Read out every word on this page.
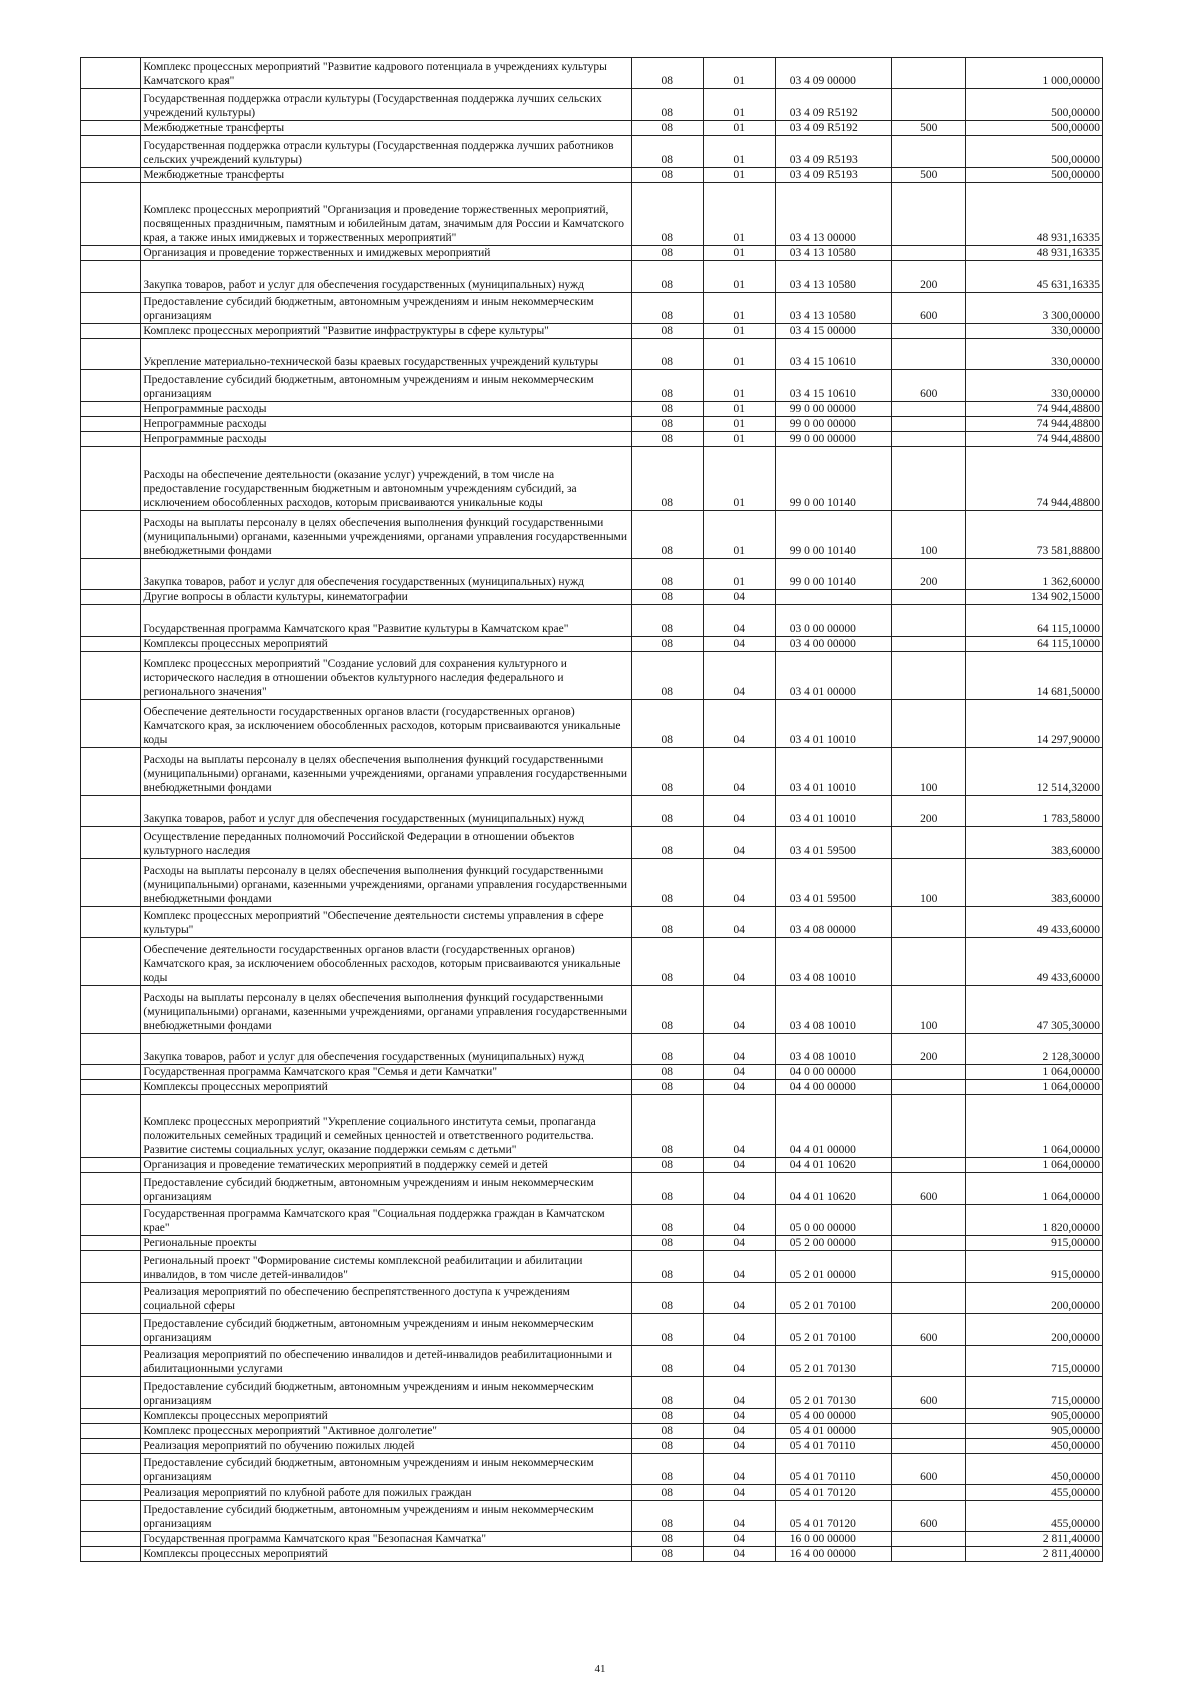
	Комплекс процессных мероприятий "Развитие кадрового потенциала в учреждениях культуры Камчатского края"	08	01	03 4 09 00000		1 000,00000
	Государственная поддержка отрасли культуры (Государственная поддержка лучших сельских учреждений культуры)	08	01	03 4 09 R5192		500,00000
	Межбюджетные трансферты	08	01	03 4 09 R5192	500	500,00000
	Государственная поддержка отрасли культуры (Государственная поддержка лучших работников сельских учреждений культуры)	08	01	03 4 09 R5193		500,00000
	Межбюджетные трансферты	08	01	03 4 09 R5193	500	500,00000
	Комплекс процессных мероприятий "Организация и проведение торжественных мероприятий, посвященных праздничным, памятным и юбилейным датам, значимым для России и Камчатского края, а также иных имиджевых и торжественных мероприятий"	08	01	03 4 13 00000		48 931,16335
	Организация и проведение торжественных и имиджевых мероприятий	08	01	03 4 13 10580		48 931,16335
	Закупка товаров, работ и услуг для обеспечения государственных (муниципальных) нужд	08	01	03 4 13 10580	200	45 631,16335
	Предоставление субсидий бюджетным, автономным учреждениям и иным некоммерческим организациям	08	01	03 4 13 10580	600	3 300,00000
	Комплекс процессных мероприятий "Развитие инфраструктуры в сфере культуры"	08	01	03 4 15 00000		330,00000
	Укрепление материально-технической базы краевых государственных учреждений культуры	08	01	03 4 15 10610		330,00000
	Предоставление субсидий бюджетным, автономным учреждениям и иным некоммерческим организациям	08	01	03 4 15 10610	600	330,00000
	Непрограммные расходы	08	01	99 0 00 00000		74 944,48800
	Непрограммные расходы	08	01	99 0 00 00000		74 944,48800
	Непрограммные расходы	08	01	99 0 00 00000		74 944,48800
	Расходы на обеспечение деятельности (оказание услуг) учреждений, в том числе на предоставление государственным бюджетным и автономным учреждениям субсидий, за исключением обособленных расходов, которым присваиваются уникальные коды	08	01	99 0 00 10140		74 944,48800
	Расходы на выплаты персоналу в целях обеспечения выполнения функций государственными (муниципальными) органами, казенными учреждениями, органами управления государственными внебюджетными фондами	08	01	99 0 00 10140	100	73 581,88800
	Закупка товаров, работ и услуг для обеспечения государственных (муниципальных) нужд	08	01	99 0 00 10140	200	1 362,60000
	Другие вопросы в области культуры, кинематографии	08	04			134 902,15000
	Государственная программа Камчатского края "Развитие культуры в Камчатском крае"	08	04	03 0 00 00000		64 115,10000
	Комплексы процессных мероприятий	08	04	03 4 00 00000		64 115,10000
	Комплекс процессных мероприятий "Создание условий для сохранения культурного и исторического наследия в отношении объектов культурного наследия федерального и регионального значения"	08	04	03 4 01 00000		14 681,50000
	Обеспечение деятельности государственных органов власти (государственных органов) Камчатского края, за исключением обособленных расходов, которым присваиваются уникальные коды	08	04	03 4 01 10010		14 297,90000
	Расходы на выплаты персоналу в целях обеспечения выполнения функций государственными (муниципальными) органами, казенными учреждениями, органами управления государственными внебюджетными фондами	08	04	03 4 01 10010	100	12 514,32000
	Закупка товаров, работ и услуг для обеспечения государственных (муниципальных) нужд	08	04	03 4 01 10010	200	1 783,58000
	Осуществление переданных полномочий Российской Федерации в отношении объектов культурного наследия	08	04	03 4 01 59500		383,60000
	Расходы на выплаты персоналу в целях обеспечения выполнения функций государственными (муниципальными) органами, казенными учреждениями, органами управления государственными внебюджетными фондами	08	04	03 4 01 59500	100	383,60000
	Комплекс процессных мероприятий "Обеспечение деятельности системы управления в сфере культуры"	08	04	03 4 08 00000		49 433,60000
	Обеспечение деятельности государственных органов власти (государственных органов) Камчатского края, за исключением обособленных расходов, которым присваиваются уникальные коды	08	04	03 4 08 10010		49 433,60000
	Расходы на выплаты персоналу в целях обеспечения выполнения функций государственными (муниципальными) органами, казенными учреждениями, органами управления государственными внебюджетными фондами	08	04	03 4 08 10010	100	47 305,30000
	Закупка товаров, работ и услуг для обеспечения государственных (муниципальных) нужд	08	04	03 4 08 10010	200	2 128,30000
	Государственная программа Камчатского края "Семья и дети Камчатки"	08	04	04 0 00 00000		1 064,00000
	Комплексы процессных мероприятий	08	04	04 4 00 00000		1 064,00000
	Комплекс процессных мероприятий "Укрепление социального института семьи, пропаганда положительных семейных традиций и семейных ценностей и ответственного родительства. Развитие системы социальных услуг, оказание поддержки семьям с детьми"	08	04	04 4 01 00000		1 064,00000
	Организация и проведение тематических мероприятий в поддержку семей и детей	08	04	04 4 01 10620		1 064,00000
	Предоставление субсидий бюджетным, автономным учреждениям и иным некоммерческим организациям	08	04	04 4 01 10620	600	1 064,00000
	Государственная программа Камчатского края "Социальная поддержка граждан в Камчатском крае"	08	04	05 0 00 00000		1 820,00000
	Региональные проекты	08	04	05 2 00 00000		915,00000
	Региональный проект "Формирование системы комплексной реабилитации и абилитации инвалидов, в том числе детей-инвалидов"	08	04	05 2 01 00000		915,00000
	Реализация мероприятий по обеспечению беспрепятственного доступа к учреждениям социальной сферы	08	04	05 2 01 70100		200,00000
	Предоставление субсидий бюджетным, автономным учреждениям и иным некоммерческим организациям	08	04	05 2 01 70100	600	200,00000
	Реализация мероприятий по обеспечению инвалидов и детей-инвалидов реабилитационными и абилитационными услугами	08	04	05 2 01 70130		715,00000
	Предоставление субсидий бюджетным, автономным учреждениям и иным некоммерческим организациям	08	04	05 2 01 70130	600	715,00000
	Комплексы процессных мероприятий	08	04	05 4 00 00000		905,00000
	Комплекс процессных мероприятий "Активное долголетие"	08	04	05 4 01 00000		905,00000
	Реализация мероприятий по обучению пожилых людей	08	04	05 4 01 70110		450,00000
	Предоставление субсидий бюджетным, автономным учреждениям и иным некоммерческим организациям	08	04	05 4 01 70110	600	450,00000
	Реализация мероприятий по клубной работе для пожилых граждан	08	04	05 4 01 70120		455,00000
	Предоставление субсидий бюджетным, автономным учреждениям и иным некоммерческим организациям	08	04	05 4 01 70120	600	455,00000
	Государственная программа Камчатского края "Безопасная Камчатка"	08	04	16 0 00 00000		2 811,40000
	Комплексы процессных мероприятий	08	04	16 4 00 00000		2 811,40000
41
